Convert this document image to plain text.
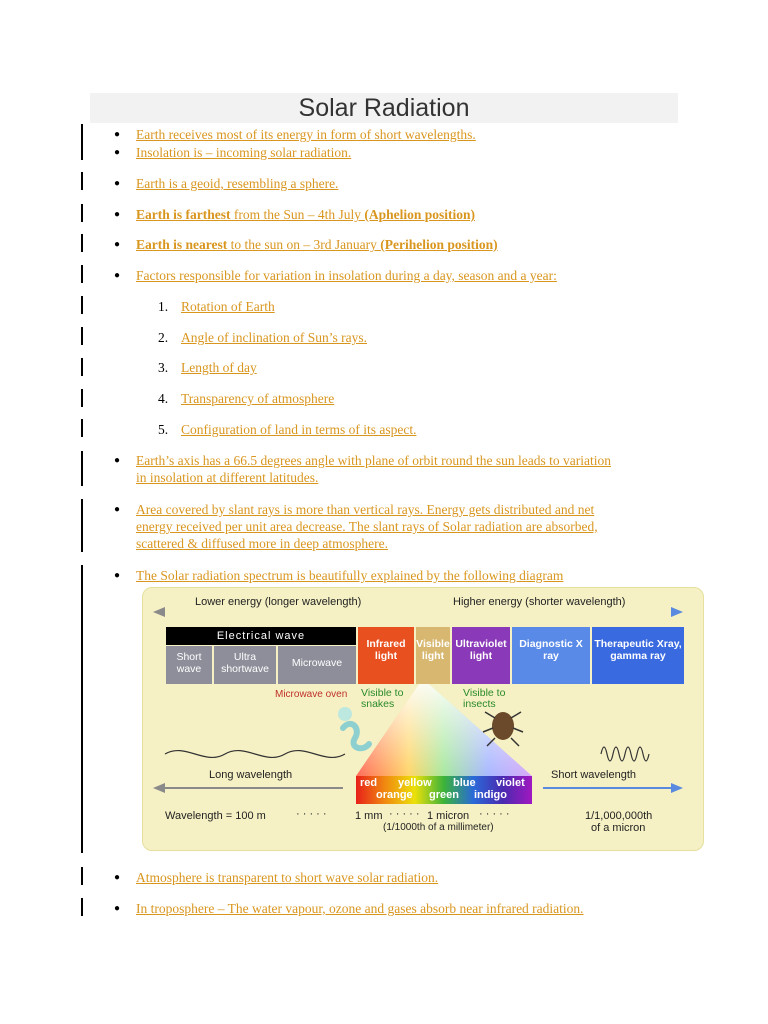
Solar Radiation
● Earth receives most of its energy in form of short wavelengths.
● Insolation is – incoming solar radiation.
● Earth is a geoid, resembling a sphere.
● Earth is farthest from the Sun – 4th July (Aphelion position)
● Earth is nearest to the sun on – 3rd January (Perihelion position)
● Factors responsible for variation in insolation during a day, season and a year:
1. Rotation of Earth
2. Angle of inclination of Sun’s rays.
3. Length of day
4. Transparency of atmosphere
5. Configuration of land in terms of its aspect.
● Earth’s axis has a 66.5 degrees angle with plane of orbit round the sun leads to variation
in insolation at different latitudes.
● Area covered by slant rays is more than vertical rays. Energy gets distributed and net
energy received per unit area decrease. The slant rays of Solar radiation are absorbed,
scattered & diffused more in deep atmosphere.
● The Solar radiation spectrum is beautifully explained by the following diagram
Lower energy (longer wavelength)	Higher energy (shorter wavelength)
Electrical wave
Short wave
Ultra shortwave	Microwave
Infrared light
Visible light
Ultraviolet light
Diagnostic X ray
Therapeutic Xray, gamma ray
Microwave oven Visible to snakes
Visible to insects
Long wavelength	Short wavelength
red yellow blue violet
orange green indigo
Wavelength = 100 m	· · · · ·	1 mm · · · · · 1 micron · · · · ·
(1/1000th of a millimeter)
1/1,000,000th
of a micron
● Atmosphere is transparent to short wave solar radiation.
● In troposphere – The water vapour, ozone and gases absorb near infrared radiation.
